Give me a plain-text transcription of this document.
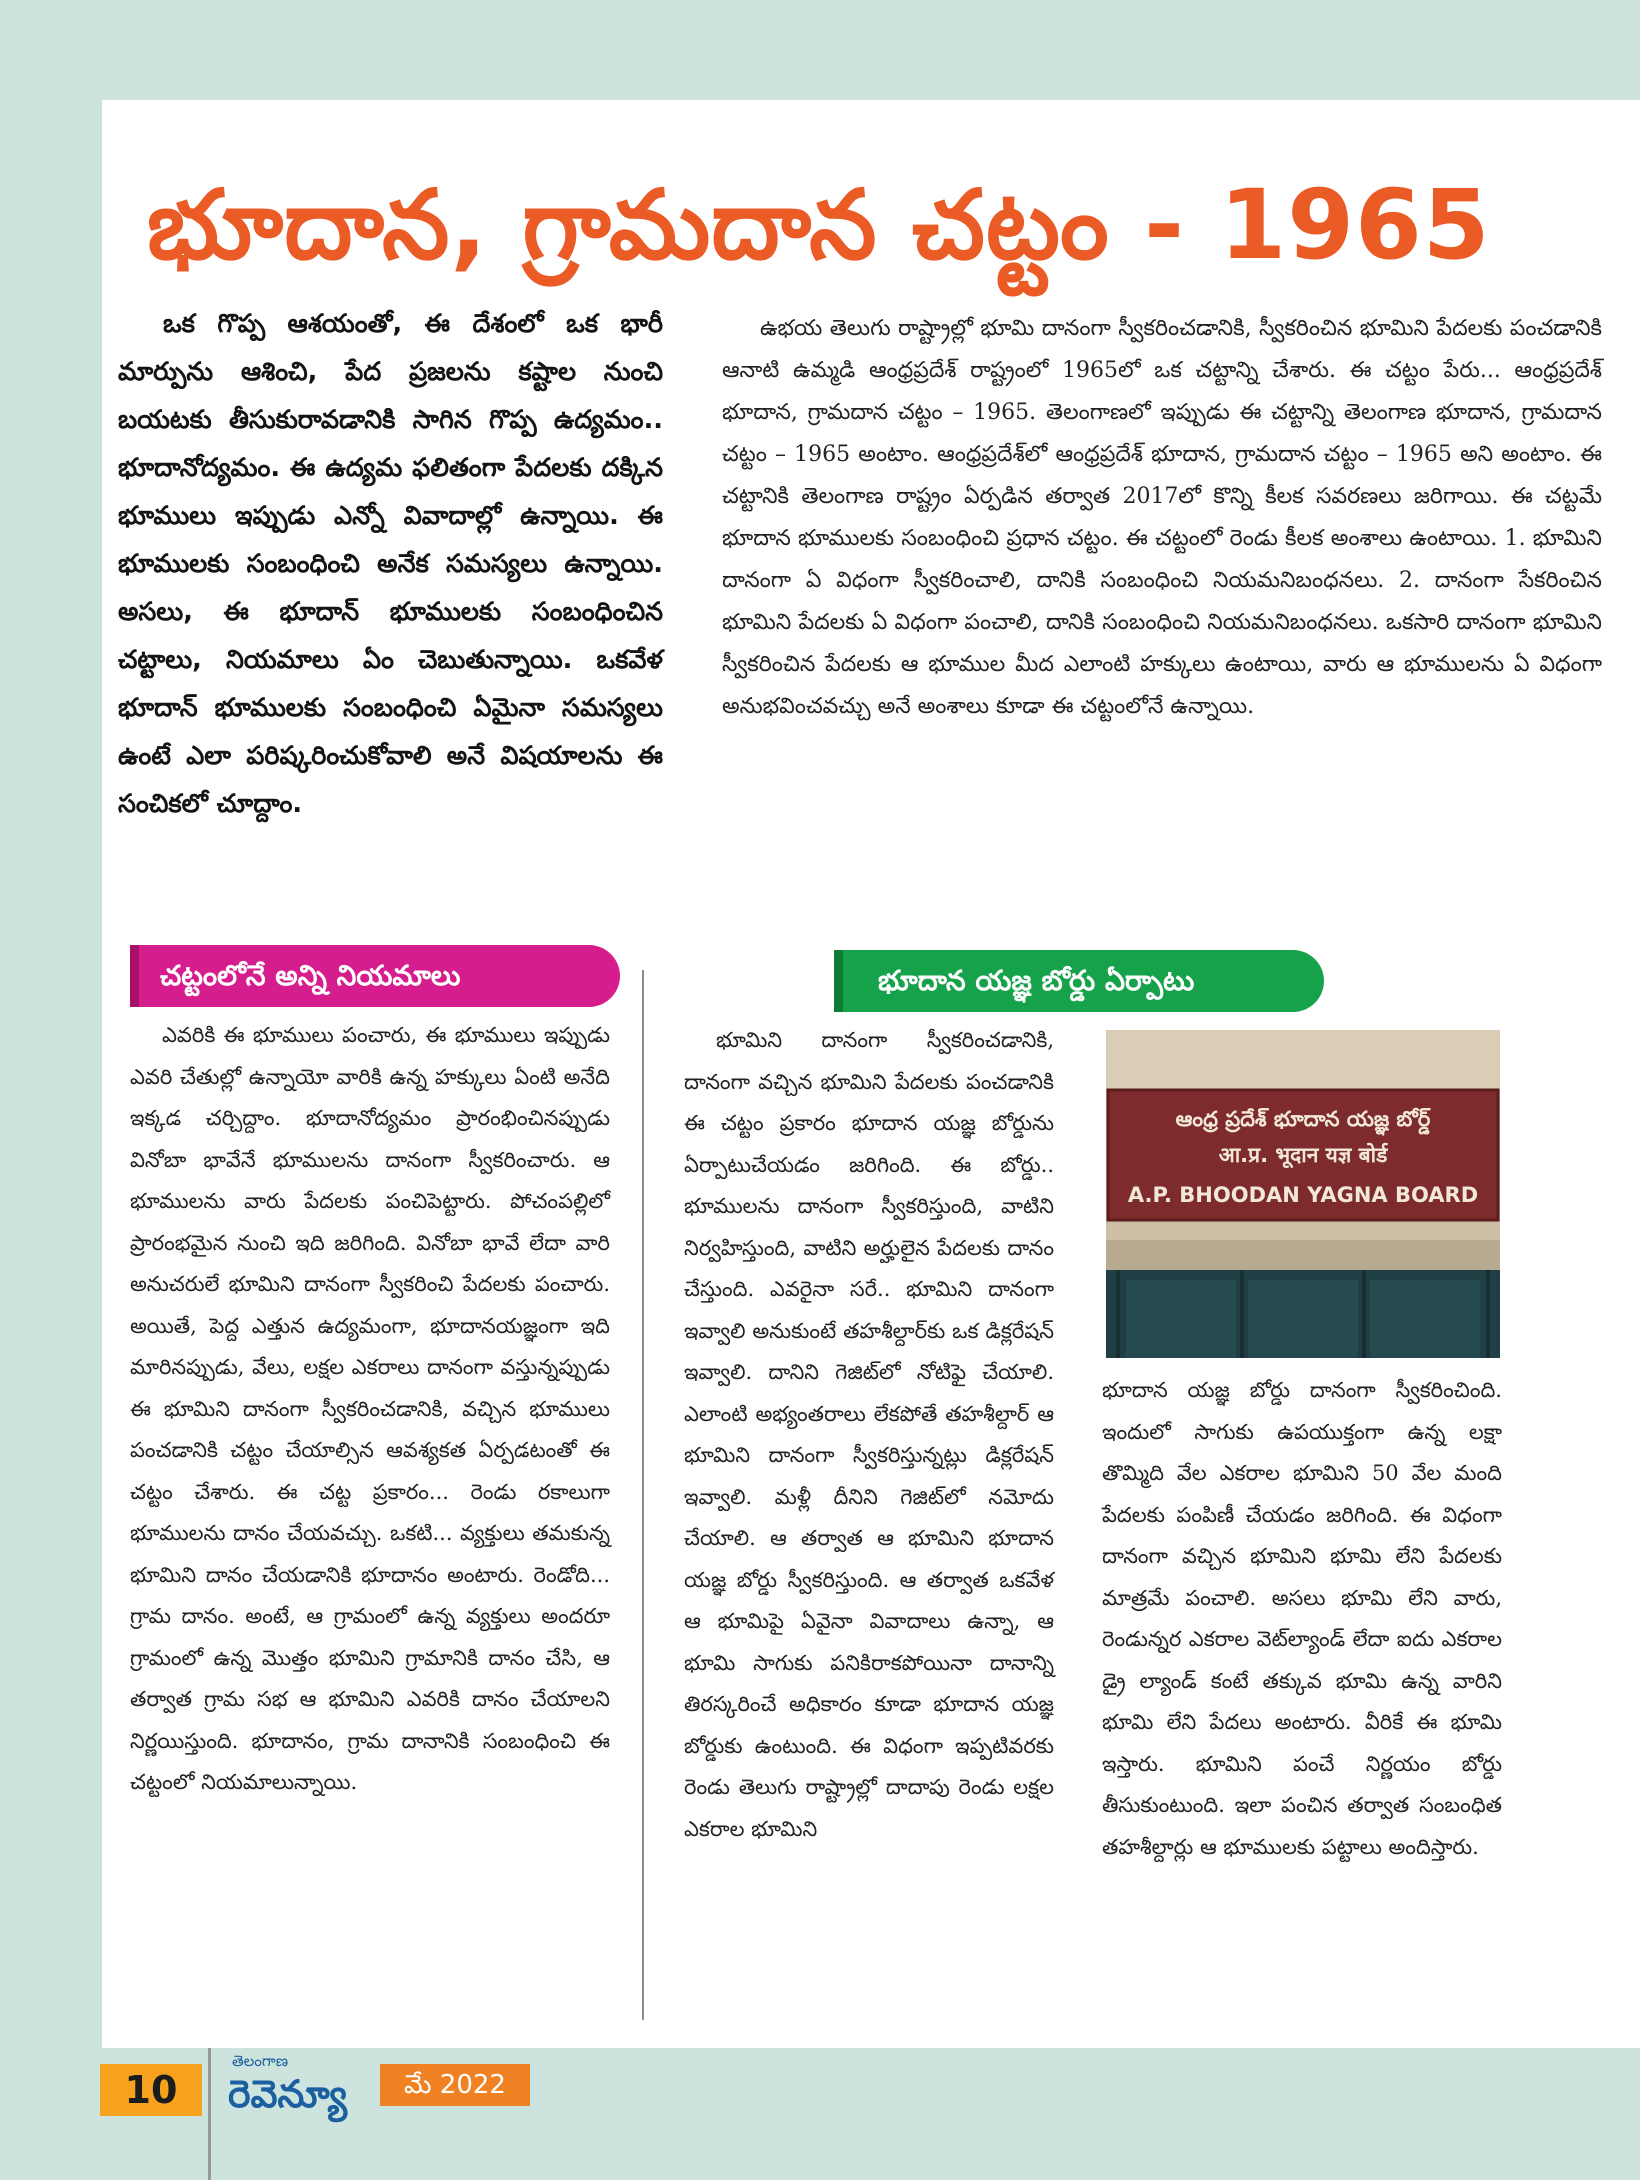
భూదాన, గ్రామదాన చట్టం - 1965

ఒక గొప్ప ఆశయంతో, ఈ దేశంలో ఒక భారీ మార్పును ఆశించి, పేద ప్రజలను కష్టాల నుంచి బయటకు తీసుకురావడానికి సాగిన గొప్ప ఉద్యమం.. భూదానోద్యమం. ఈ ఉద్యమ ఫలితంగా పేదలకు దక్కిన భూములు ఇప్పుడు ఎన్నో వివాదాల్లో ఉన్నాయి. ఈ భూములకు సంబంధించి అనేక సమస్యలు ఉన్నాయి. అసలు, ఈ భూదాన్ భూములకు సంబంధించిన చట్టాలు, నియమాలు ఏం చెబుతున్నాయి. ఒకవేళ భూదాన్ భూములకు సంబంధించి ఏమైనా సమస్యలు ఉంటే ఎలా పరిష్కరించుకోవాలి అనే విషయాలను ఈ సంచికలో చూద్దాం.

ఉభయ తెలుగు రాష్ట్రాల్లో భూమి దానంగా స్వీకరించడానికి, స్వీకరించిన భూమిని పేదలకు పంచడానికి ఆనాటి ఉమ్మడి ఆంధ్రప్రదేశ్ రాష్ట్రంలో 1965లో ఒక చట్టాన్ని చేశారు. ఈ చట్టం పేరు... ఆంధ్రప్రదేశ్ భూదాన, గ్రామదాన చట్టం – 1965. తెలంగాణలో ఇప్పుడు ఈ చట్టాన్ని తెలంగాణ భూదాన, గ్రామదాన చట్టం – 1965 అంటాం. ఆంధ్రప్రదేశ్‌లో ఆంధ్రప్రదేశ్ భూదాన, గ్రామదాన చట్టం – 1965 అని అంటాం. ఈ చట్టానికి తెలంగాణ రాష్ట్రం ఏర్పడిన తర్వాత 2017లో కొన్ని కీలక సవరణలు జరిగాయి. ఈ చట్టమే భూదాన భూములకు సంబంధించి ప్రధాన చట్టం. ఈ చట్టంలో రెండు కీలక అంశాలు ఉంటాయి. 1. భూమిని దానంగా ఏ విధంగా స్వీకరించాలి, దానికి సంబంధించి నియమనిబంధనలు. 2. దానంగా సేకరించిన భూమిని పేదలకు ఏ విధంగా పంచాలి, దానికి సంబంధించి నియమనిబంధనలు. ఒకసారి దానంగా భూమిని స్వీకరించిన పేదలకు ఆ భూముల మీద ఎలాంటి హక్కులు ఉంటాయి, వారు ఆ భూములను ఏ విధంగా అనుభవించవచ్చు అనే అంశాలు కూడా ఈ చట్టంలోనే ఉన్నాయి.

చట్టంలోనే అన్ని నియమాలు

ఎవరికి ఈ భూములు పంచారు, ఈ భూములు ఇప్పుడు ఎవరి చేతుల్లో ఉన్నాయో వారికి ఉన్న హక్కులు ఏంటి అనేది ఇక్కడ చర్చిద్దాం. భూదానోద్యమం ప్రారంభించినప్పుడు వినోబా భావేనే భూములను దానంగా స్వీకరించారు. ఆ భూములను వారు పేదలకు పంచిపెట్టారు. పోచంపల్లిలో ప్రారంభమైన నుంచి ఇది జరిగింది. వినోబా భావే లేదా వారి అనుచరులే భూమిని దానంగా స్వీకరించి పేదలకు పంచారు. అయితే, పెద్ద ఎత్తున ఉద్యమంగా, భూదానయజ్ఞంగా ఇది మారినప్పుడు, వేలు, లక్షల ఎకరాలు దానంగా వస్తున్నప్పుడు ఈ భూమిని దానంగా స్వీకరించడానికి, వచ్చిన భూములు పంచడానికి చట్టం చేయాల్సిన ఆవశ్యకత ఏర్పడటంతో ఈ చట్టం చేశారు. ఈ చట్ట ప్రకారం... రెండు రకాలుగా భూములను దానం చేయవచ్చు. ఒకటి... వ్యక్తులు తమకున్న భూమిని దానం చేయడానికి భూదానం అంటారు. రెండోది... గ్రామ దానం. అంటే, ఆ గ్రామంలో ఉన్న వ్యక్తులు అందరూ గ్రామంలో ఉన్న మొత్తం భూమిని గ్రామానికి దానం చేసి, ఆ తర్వాత గ్రామ సభ ఆ భూమిని ఎవరికి దానం చేయాలని నిర్ణయిస్తుంది. భూదానం, గ్రామ దానానికి సంబంధించి ఈ చట్టంలో నియమాలున్నాయి.

భూదాన యజ్ఞ బోర్డు ఏర్పాటు

భూమిని దానంగా స్వీకరించడానికి, దానంగా వచ్చిన భూమిని పేదలకు పంచడానికి ఈ చట్టం ప్రకారం భూదాన యజ్ఞ బోర్డును ఏర్పాటుచేయడం జరిగింది. ఈ బోర్డు.. భూములను దానంగా స్వీకరిస్తుంది, వాటిని నిర్వహిస్తుంది, వాటిని అర్హులైన పేదలకు దానం చేస్తుంది. ఎవరైనా సరే.. భూమిని దానంగా ఇవ్వాలి అనుకుంటే తహశీల్దార్‌కు ఒక డిక్లరేషన్ ఇవ్వాలి. దానిని గెజిట్‌లో నోటిఫై చేయాలి. ఎలాంటి అభ్యంతరాలు లేకపోతే తహశీల్దార్ ఆ భూమిని దానంగా స్వీకరిస్తున్నట్లు డిక్లరేషన్ ఇవ్వాలి. మళ్లీ దీనిని గెజిట్‌లో నమోదు చేయాలి. ఆ తర్వాత ఆ భూమిని భూదాన యజ్ఞ బోర్డు స్వీకరిస్తుంది. ఆ తర్వాత ఒకవేళ ఆ భూమిపై ఏవైనా వివాదాలు ఉన్నా, ఆ భూమి సాగుకు పనికిరాకపోయినా దానాన్ని తిరస్కరించే అధికారం కూడా భూదాన యజ్ఞ బోర్డుకు ఉంటుంది. ఈ విధంగా ఇప్పటివరకు రెండు తెలుగు రాష్ట్రాల్లో దాదాపు రెండు లక్షల ఎకరాల భూమిని

ఆంధ్ర ప్రదేశ్ భూదాన యజ్ఞ బోర్డ్
आ.प्र. भूदान यज्ञ बोर्ड
A.P. BHOODAN YAGNA BOARD

భూదాన యజ్ఞ బోర్డు దానంగా స్వీకరించింది. ఇందులో సాగుకు ఉపయుక్తంగా ఉన్న లక్షా తొమ్మిది వేల ఎకరాల భూమిని 50 వేల మంది పేదలకు పంపిణీ చేయడం జరిగింది. ఈ విధంగా దానంగా వచ్చిన భూమిని భూమి లేని పేదలకు మాత్రమే పంచాలి. అసలు భూమి లేని వారు, రెండున్నర ఎకరాల వెట్‌ల్యాండ్ లేదా ఐదు ఎకరాల డ్రై ల్యాండ్ కంటే తక్కువ భూమి ఉన్న వారిని భూమి లేని పేదలు అంటారు. వీరికే ఈ భూమి ఇస్తారు. భూమిని పంచే నిర్ణయం బోర్డు తీసుకుంటుంది. ఇలా పంచిన తర్వాత సంబంధిత తహశీల్దార్లు ఆ భూములకు పట్టాలు అందిస్తారు.

10
తెలంగాణ
రెవెన్యూ	మే 2022
